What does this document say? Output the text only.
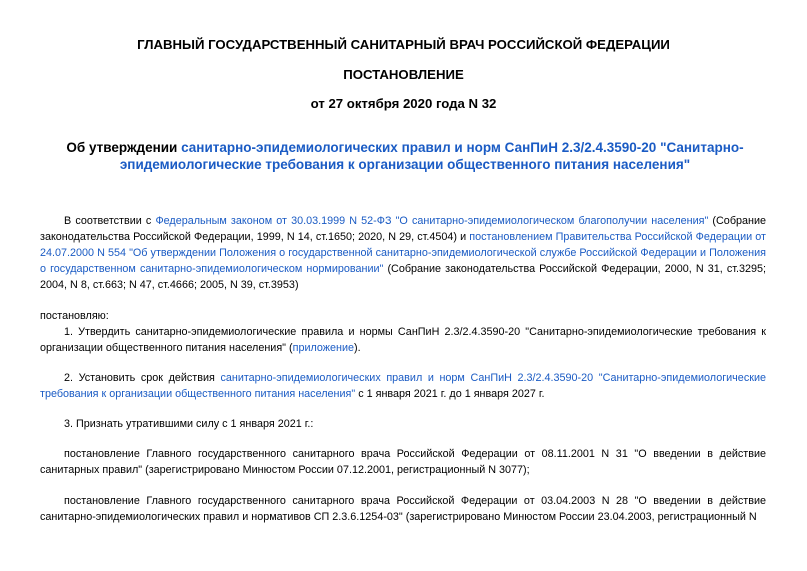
ГЛАВНЫЙ ГОСУДАРСТВЕННЫЙ САНИТАРНЫЙ ВРАЧ РОССИЙСКОЙ ФЕДЕРАЦИИ
ПОСТАНОВЛЕНИЕ
от 27 октября 2020 года N 32
Об утверждении санитарно-эпидемиологических правил и норм СанПиН 2.3/2.4.3590-20 "Санитарно-эпидемиологические требования к организации общественного питания населения"
В соответствии с Федеральным законом от 30.03.1999 N 52-ФЗ "О санитарно-эпидемиологическом благополучии населения" (Собрание законодательства Российской Федерации, 1999, N 14, ст.1650; 2020, N 29, ст.4504) и постановлением Правительства Российской Федерации от 24.07.2000 N 554 "Об утверждении Положения о государственной санитарно-эпидемиологической службе Российской Федерации и Положения о государственном санитарно-эпидемиологическом нормировании" (Собрание законодательства Российской Федерации, 2000, N 31, ст.3295; 2004, N 8, ст.663; N 47, ст.4666; 2005, N 39, ст.3953)
постановляю:
1. Утвердить санитарно-эпидемиологические правила и нормы СанПиН 2.3/2.4.3590-20 "Санитарно-эпидемиологические требования к организации общественного питания населения" (приложение).
2. Установить срок действия санитарно-эпидемиологических правил и норм СанПиН 2.3/2.4.3590-20 "Санитарно-эпидемиологические требования к организации общественного питания населения" с 1 января 2021 г. до 1 января 2027 г.
3. Признать утратившими силу с 1 января 2021 г.:
постановление Главного государственного санитарного врача Российской Федерации от 08.11.2001 N 31 "О введении в действие санитарных правил" (зарегистрировано Минюстом России 07.12.2001, регистрационный N 3077);
постановление Главного государственного санитарного врача Российской Федерации от 03.04.2003 N 28 "О введении в действие санитарно-эпидемиологических правил и нормативов СП 2.3.6.1254-03" (зарегистрировано Минюстом России 23.04.2003, регистрационный N
